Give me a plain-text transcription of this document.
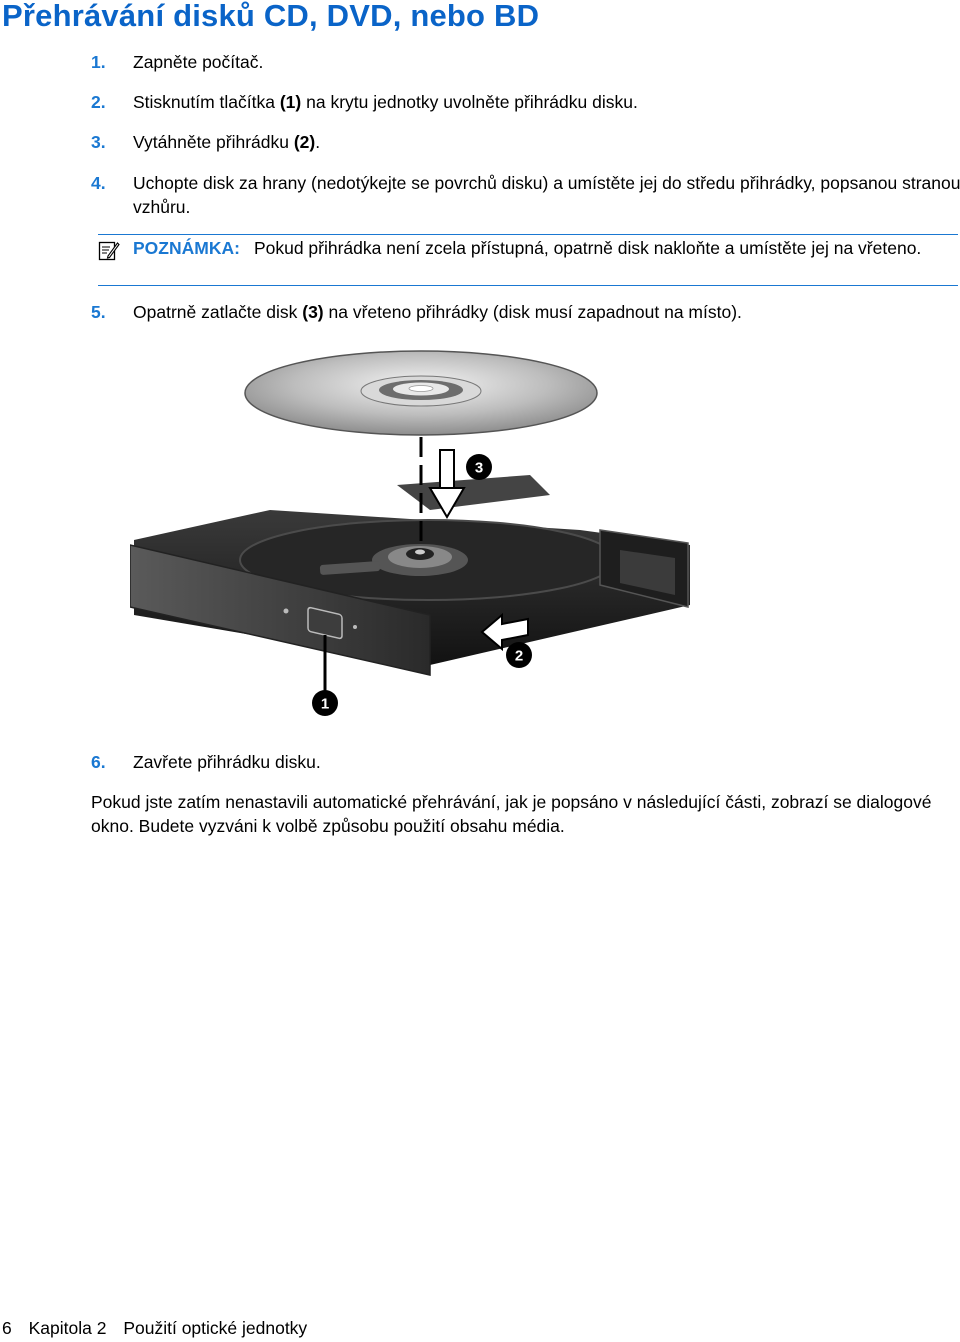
Přehrávání disků CD, DVD, nebo BD
1.	Zapněte počítač.
2.	Stisknutím tlačítka (1) na krytu jednotky uvolněte přihrádku disku.
3.	Vytáhněte přihrádku (2).
4.	Uchopte disk za hrany (nedotýkejte se povrchů disku) a umístěte jej do středu přihrádky, popsanou stranou vzhůru.
POZNÁMKA: Pokud přihrádka není zcela přístupná, opatrně disk nakloňte a umístěte jej na vřeteno.
5.	Opatrně zatlačte disk (3) na vřeteno přihrádky (disk musí zapadnout na místo).
3
2
1
6.	Zavřete přihrádku disku.

Pokud jste zatím nenastavili automatické přehrávání, jak je popsáno v následující části, zobrazí se dialogové okno. Budete vyzváni k volbě způsobu použití obsahu média.

6 Kapitola 2 Použití optické jednotky
